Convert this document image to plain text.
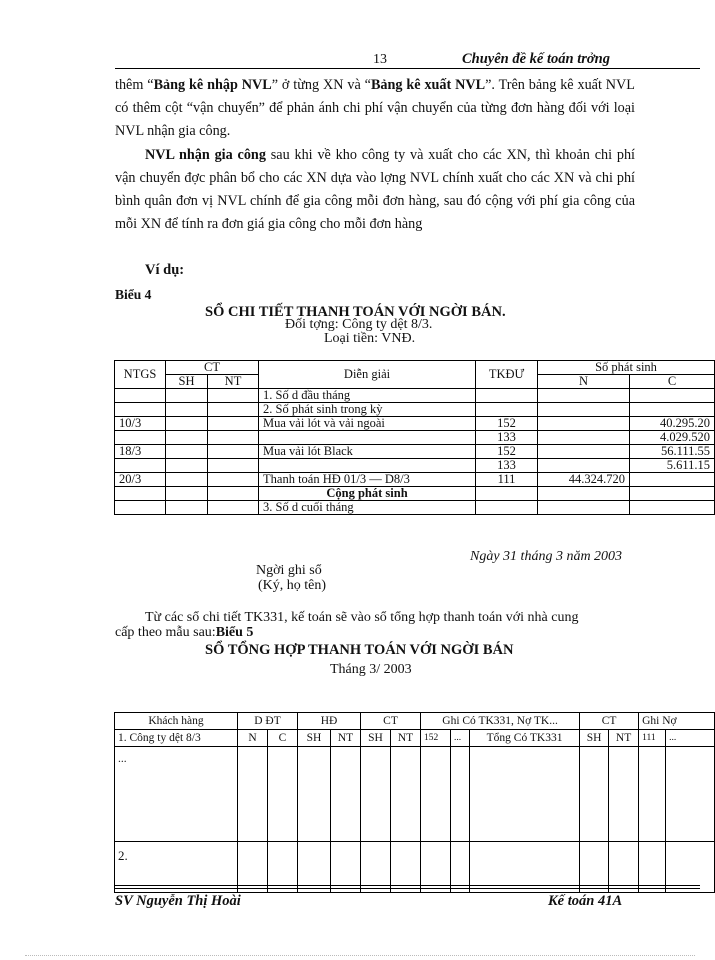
13	Chuyên đề kế toán trởng

thêm “Bảng kê nhập NVL” ở từng XN và “Bảng kê xuất NVL”. Trên bảng kê xuất NVL có thêm cột “vận chuyển” để phản ánh chi phí vận chuyển của từng đơn hàng đối với loại NVL nhận gia công.

NVL nhận gia công sau khi về kho công ty và xuất cho các XN, thì khoản chi phí vận chuyển đợc phân bổ cho các XN dựa vào lợng NVL chính xuất cho các XN và chi phí bình quân đơn vị NVL chính để gia công mỗi đơn hàng, sau đó cộng với phí gia công của mỗi XN để tính ra đơn giá gia công cho mỗi đơn hàng

Ví dụ:
Biểu 4
SỔ CHI TIẾT THANH TOÁN VỚI NGỜI BÁN.
Đối tợng: Công ty dệt 8/3.
Loại tiền: VNĐ.
NTGS	CT		Diễn giải	TKĐƯ	Số phát sinh	
	SH	NT			N	C
			1. Số d đầu tháng			
			2. Số phát sinh trong kỳ			
10/3			Mua vải lót và vải ngoài	152		40.295.20
				133		4.029.520
18/3			Mua vải lót Black	152		56.111.55
				133		5.611.15
20/3			Thanh toán HĐ 01/3 — D8/3	111	44.324.720	
			Cộng phát sinh			
			3. Số d cuối tháng			
Ngày 31 tháng 3 năm 2003
Ngời ghi sổ
(Ký, họ tên)
Từ các sổ chi tiết TK331, kế toán sẽ vào sổ tổng hợp thanh toán với nhà cung
cấp theo mẫu sau:Biểu 5
SỔ TỔNG HỢP THANH TOÁN VỚI NGỜI BÁN
Tháng 3/ 2003
Khách hàng	D ĐT		HĐ		CT		Ghi Có TK331, Nợ TK...			CT		Ghi Nợ	
1. Công ty dệt 8/3	N	C	SH	NT	SH	NT	152	...	Tổng Có TK331	SH	NT	111	...
...													
2.													
SV Nguyễn Thị Hoài	Kế toán 41A
